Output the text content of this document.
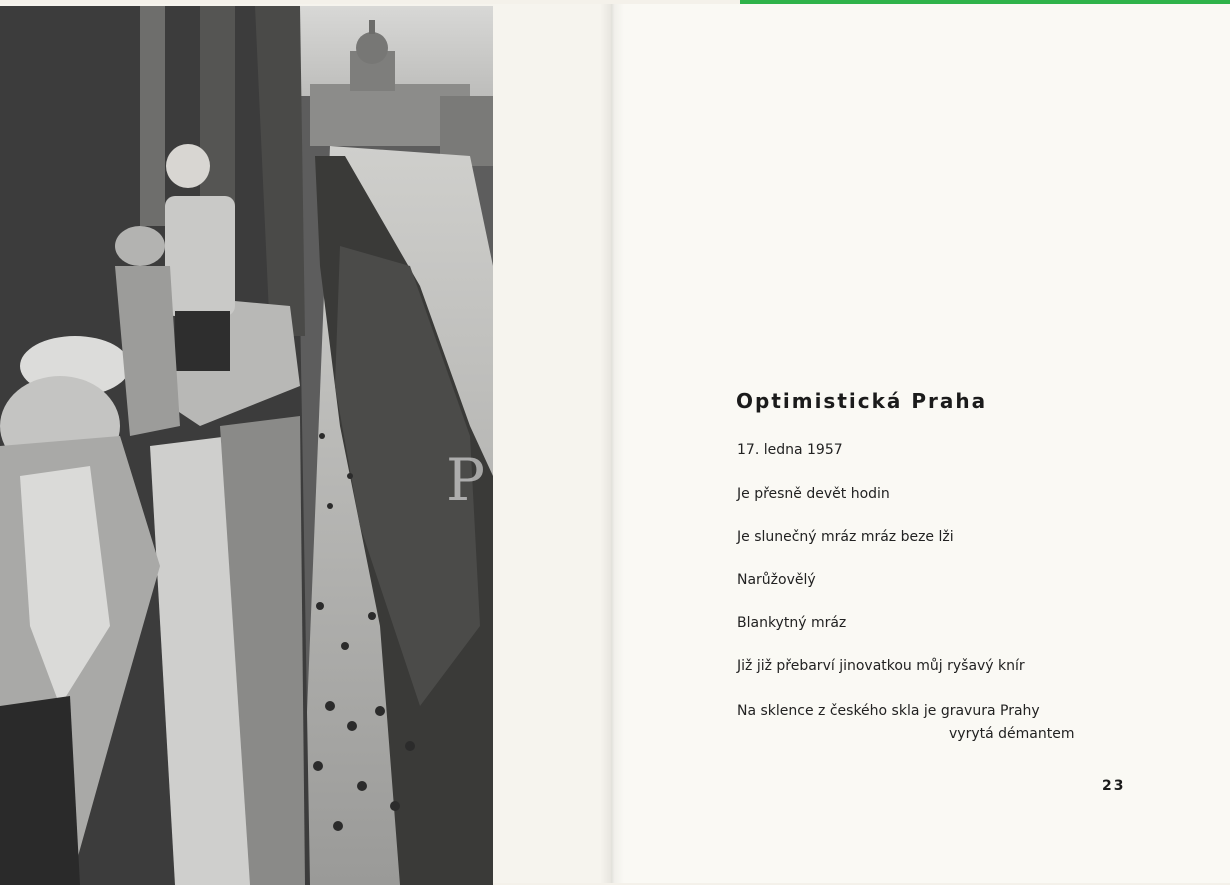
P
Optimistická Praha
17. ledna 1957
Je přesně devět hodin
Je slunečný mráz mráz beze lži
Narůžovělý
Blankytný mráz
Již již přebarví jinovatkou můj ryšavý knír
Na sklence z českého skla je gravura Prahy
vyrytá démantem
23
